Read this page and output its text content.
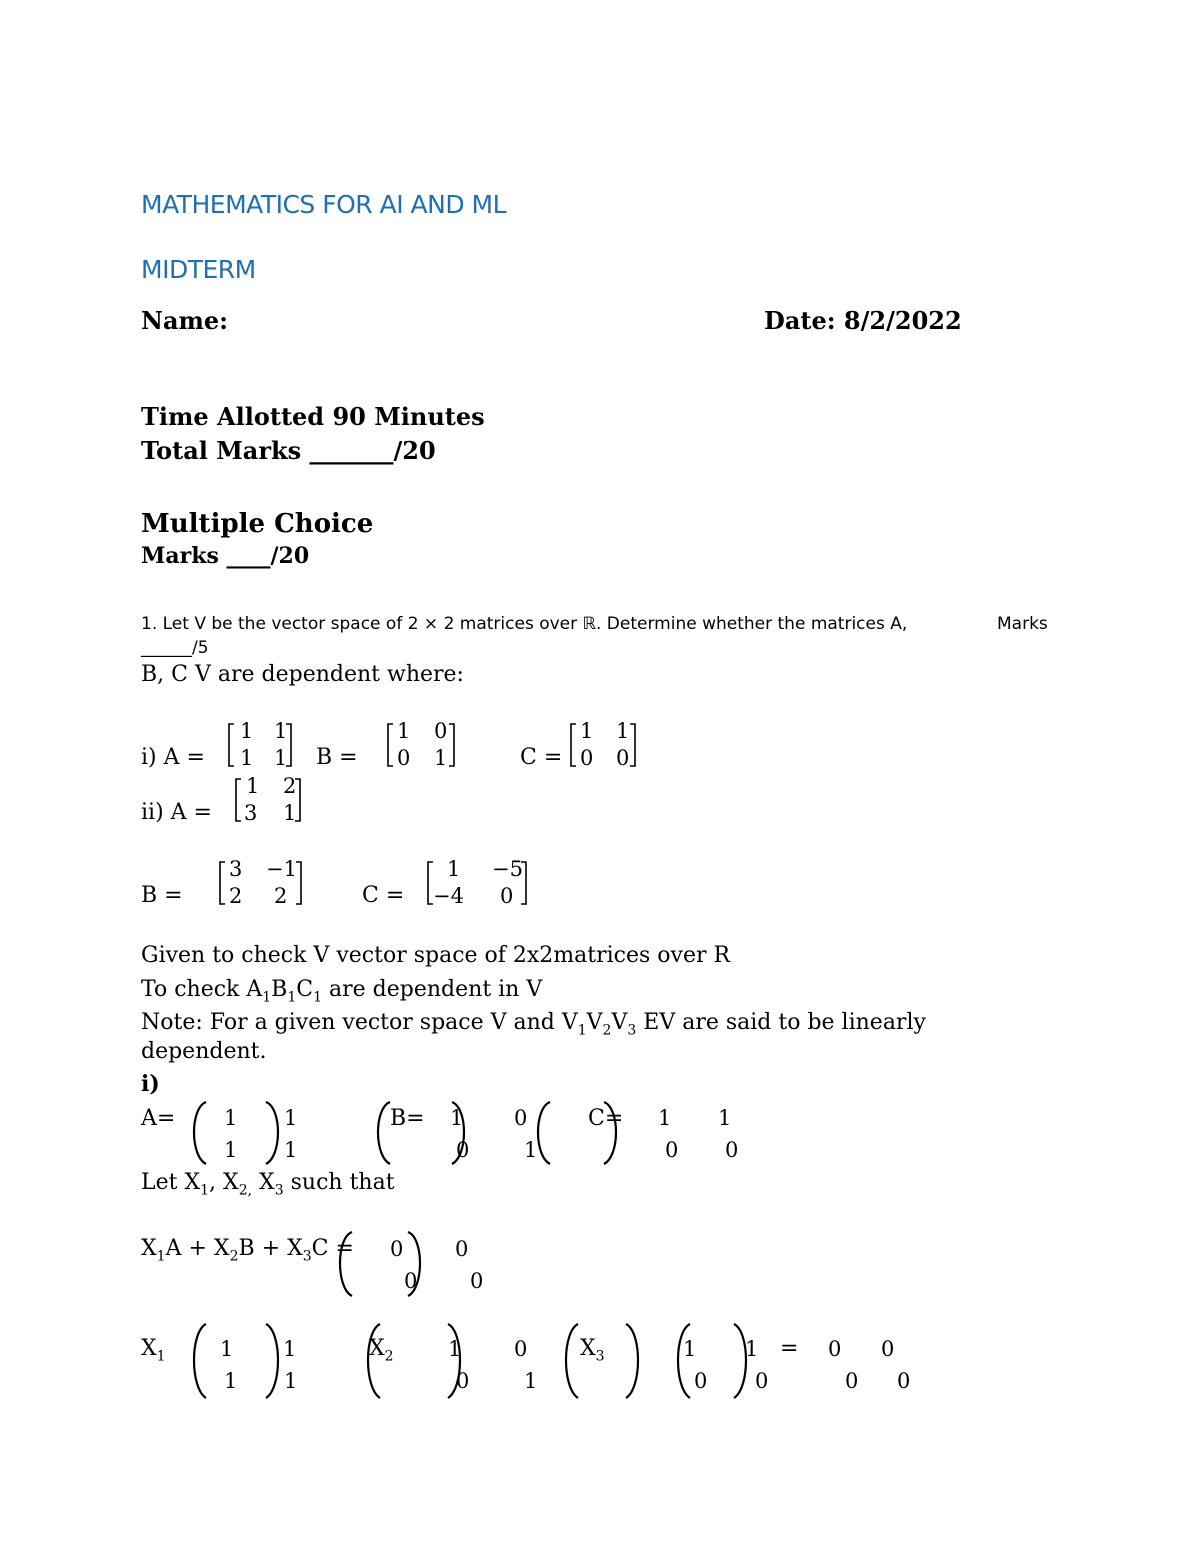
MATHEMATICS FOR AI AND ML
MIDTERM
Name:	Date: 8/2/2022
Time Allotted 90 Minutes
Total Marks _______/20
Multiple Choice
Marks ____/20
1. Let V be the vector space of 2 × 2 matrices over ℝ. Determine whether the matrices A,	Marks
______/5
B, C V are dependent where:
i) A =
1 1
1 1 B =
1 0
0 1	C =
1 1
0 0
ii) A =
1 2
3 1
B =
3 −1
2 2	C =
1 −5
−4 0
Given to check V vector space of 2x2matrices over R
To check $A_1B_1C_1$ are dependent in V
Note: For a given vector space V and $V_1V_2V_3$ EV are said to be linearly
dependent.
i)
A= 1 1
1 1
B= 1 0
0	1
C= 1 1
0 0
Let $X_1$, $X_{2,}$ $X_3$ such that
$X_1A + X_2B + X_3C = 0$ 0
0	0
$X_1$	1 1
1 1
$X_2$	1	0
0	1
$X_3$	1 1
0 0
= 0 0
0 0
